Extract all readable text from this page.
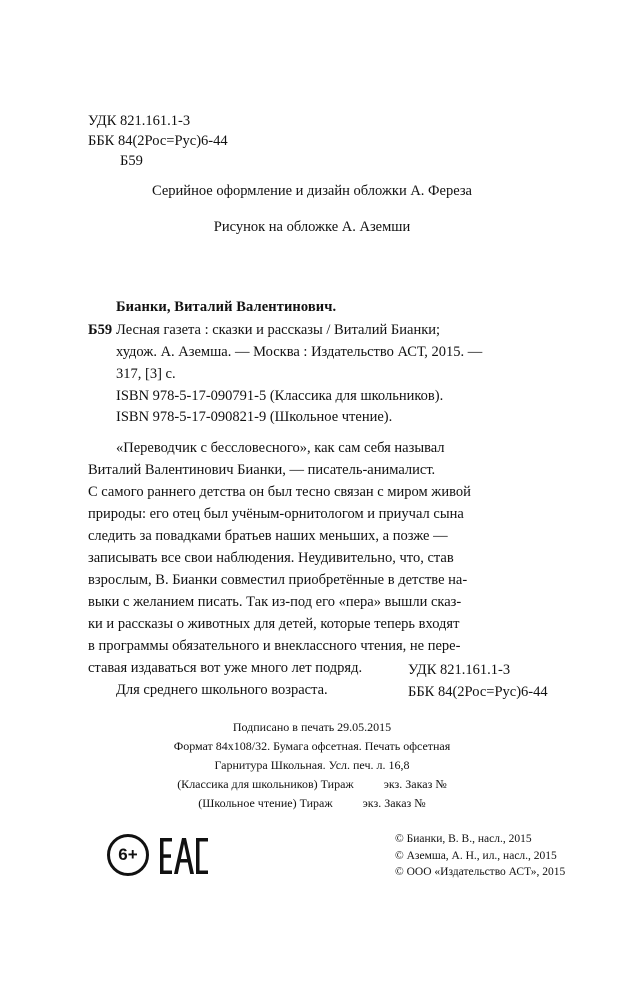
УДК 821.161.1-3
ББК 84(2Рос=Рус)6-44
Б59
Серийное оформление и дизайн обложки А. Фереза
Рисунок на обложке А. Аземши
Бианки, Виталий Валентинович.
Б59 Лесная газета : сказки и рассказы / Виталий Бианки;
худож. А. Аземша. — Москва : Издательство АСТ, 2015. —
317, [3] с.
ISBN 978-5-17-090791-5 (Классика для школьников).
ISBN 978-5-17-090821-9 (Школьное чтение).
«Переводчик с бессловесного», как сам себя называл
Виталий Валентинович Бианки, — писатель-анималист.
С самого раннего детства он был тесно связан с миром живой
природы: его отец был учёным-орнитологом и приучал сына
следить за повадками братьев наших меньших, а позже —
записывать все свои наблюдения. Неудивительно, что, став
взрослым, В. Бианки совместил приобретённые в детстве на-
выки с желанием писать. Так из-под его «пера» вышли сказ-
ки и рассказы о животных для детей, которые теперь входят
в программы обязательного и внеклассного чтения, не пере-
ставая издаваться вот уже много лет подряд.
Для среднего школьного возраста.
УДК 821.161.1-3
ББК 84(2Рос=Рус)6-44
Подписано в печать 29.05.2015
Формат 84x108/32. Бумага офсетная. Печать офсетная
Гарнитура Школьная. Усл. печ. л. 16,8
(Классика для школьников) Тираж          экз. Заказ №
(Школьное чтение) Тираж          экз. Заказ №
6+
© Бианки, В. В., насл., 2015
© Аземша, А. Н., ил., насл., 2015
© ООО «Издательство АСТ», 2015
